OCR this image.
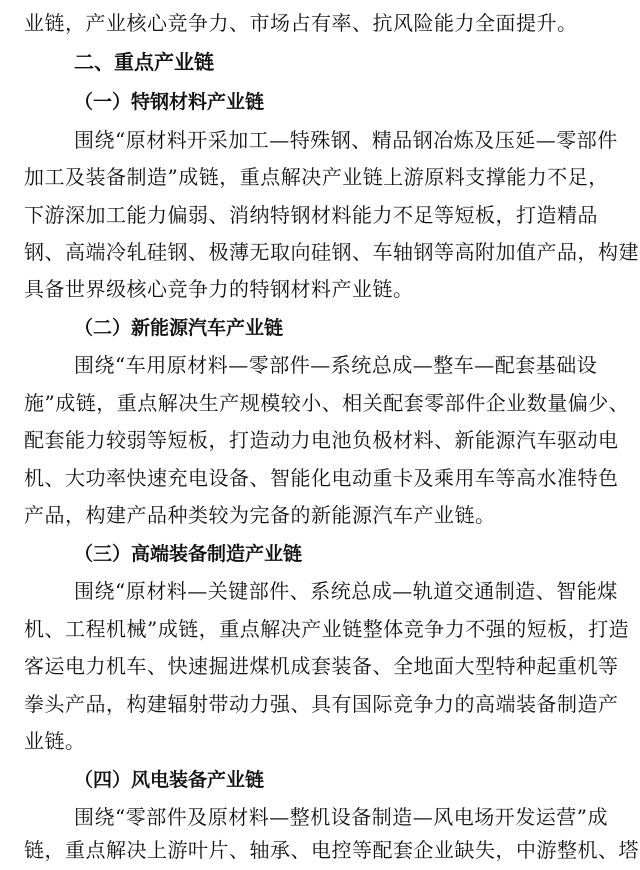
业链，产业核心竞争力、市场占有率、抗风险能力全面提升。
二、重点产业链
（一）特钢材料产业链
围绕“原材料开采加工—特殊钢、精品钢冶炼及压延—零部件
加工及装备制造”成链，重点解决产业链上游原料支撑能力不足，
下游深加工能力偏弱、消纳特钢材料能力不足等短板，打造精品
钢、高端冷轧硅钢、极薄无取向硅钢、车轴钢等高附加值产品，构建
具备世界级核心竞争力的特钢材料产业链。
（二）新能源汽车产业链
围绕“车用原材料—零部件—系统总成—整车—配套基础设
施”成链，重点解决生产规模较小、相关配套零部件企业数量偏少、
配套能力较弱等短板，打造动力电池负极材料、新能源汽车驱动电
机、大功率快速充电设备、智能化电动重卡及乘用车等高水准特色
产品，构建产品种类较为完备的新能源汽车产业链。
（三）高端装备制造产业链
围绕“原材料—关键部件、系统总成—轨道交通制造、智能煤
机、工程机械”成链，重点解决产业链整体竞争力不强的短板，打造
客运电力机车、快速掘进煤机成套装备、全地面大型特种起重机等
拳头产品，构建辐射带动力强、具有国际竞争力的高端装备制造产
业链。
（四）风电装备产业链
围绕“零部件及原材料—整机设备制造—风电场开发运营”成
链，重点解决上游叶片、轴承、电控等配套企业缺失，中游整机、塔
